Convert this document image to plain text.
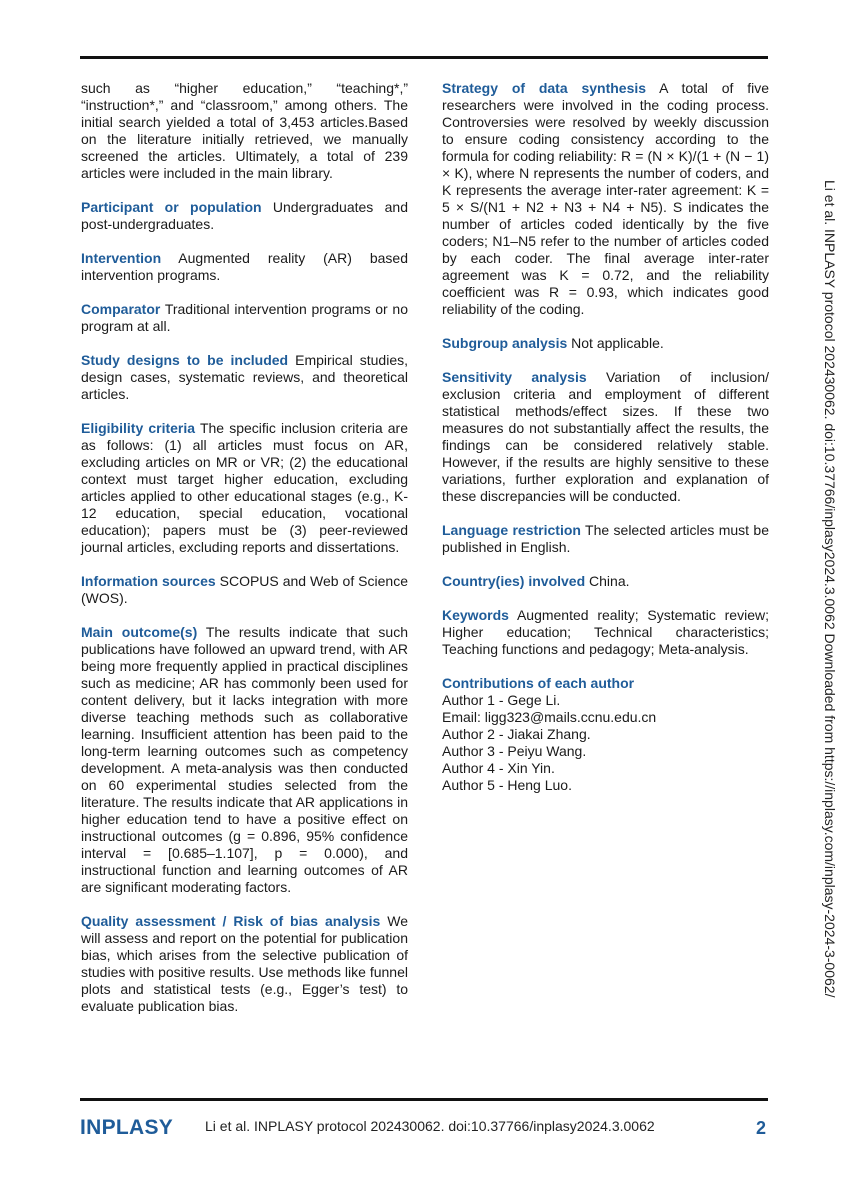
such as “higher education,” “teaching*,” “instruction*,” and “classroom,” among others. The initial search yielded a total of 3,453 articles.Based on the literature initially retrieved, we manually screened the articles. Ultimately, a total of 239 articles were included in the main library.

Participant or population Undergraduates and post-undergraduates.

Intervention Augmented reality (AR) based intervention programs.

Comparator Traditional intervention programs or no program at all.

Study designs to be included Empirical studies, design cases, systematic reviews, and theoretical articles.

Eligibility criteria The specific inclusion criteria are as follows: (1) all articles must focus on AR, excluding articles on MR or VR; (2) the educational context must target higher education, excluding articles applied to other educational stages (e.g., K-12 education, special education, vocational education); papers must be (3) peer-reviewed journal articles, excluding reports and dissertations.

Information sources SCOPUS and Web of Science (WOS).

Main outcome(s) The results indicate that such publications have followed an upward trend, with AR being more frequently applied in practical disciplines such as medicine; AR has commonly been used for content delivery, but it lacks integration with more diverse teaching methods such as collaborative learning. Insufficient attention has been paid to the long-term learning outcomes such as competency development. A meta-analysis was then conducted on 60 experimental studies selected from the literature. The results indicate that AR applications in higher education tend to have a positive effect on instructional outcomes (g = 0.896, 95% confidence interval = [0.685–1.107], p = 0.000), and instructional function and learning outcomes of AR are significant moderating factors.

Quality assessment / Risk of bias analysis We will assess and report on the potential for publication bias, which arises from the selective publication of studies with positive results. Use methods like funnel plots and statistical tests (e.g., Egger’s test) to evaluate publication bias.

Strategy of data synthesis A total of five researchers were involved in the coding process. Controversies were resolved by weekly discussion to ensure coding consistency according to the formula for coding reliability: R = (N × K)/(1 + (N − 1) × K), where N represents the number of coders, and K represents the average inter-rater agreement: K = 5 × S/(N1 + N2 + N3 + N4 + N5). S indicates the number of articles coded identically by the five coders; N1–N5 refer to the number of articles coded by each coder. The final average inter-rater agreement was K = 0.72, and the reliability coefficient was R = 0.93, which indicates good reliability of the coding.

Subgroup analysis Not applicable.

Sensitivity analysis Variation of inclusion/ exclusion criteria and employment of different statistical methods/effect sizes. If these two measures do not substantially affect the results, the findings can be considered relatively stable. However, if the results are highly sensitive to these variations, further exploration and explanation of these discrepancies will be conducted.

Language restriction The selected articles must be published in English.

Country(ies) involved China.

Keywords Augmented reality; Systematic review; Higher education; Technical characteristics; Teaching functions and pedagogy; Meta-analysis.

Contributions of each author
Author 1 - Gege Li.
Email: ligg323@mails.ccnu.edu.cn
Author 2 - Jiakai Zhang.
Author 3 - Peiyu Wang.
Author 4 - Xin Yin.
Author 5 - Heng Luo.	Li et al. INPLASY protocol 202430062. doi:10.37766/inplasy2024.3.0062 Downloaded from https://inplasy.com/inplasy-2024-3-0062/
INPLASY Li et al. INPLASY protocol 202430062. doi:10.37766/inplasy2024.3.0062	2
